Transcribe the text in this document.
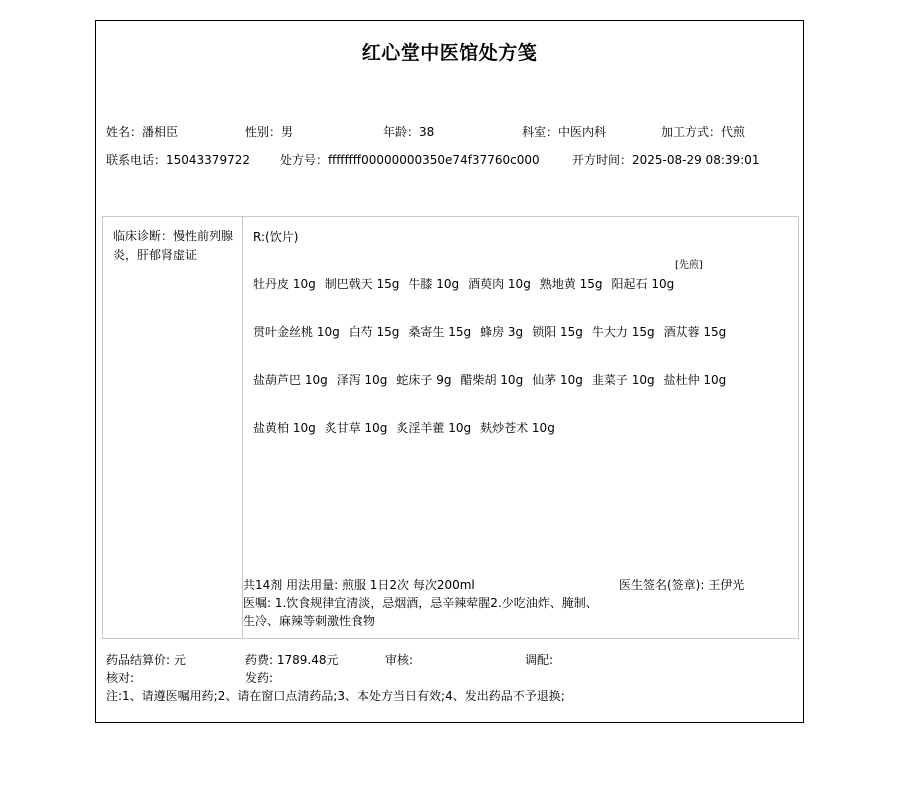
红心堂中医馆处方笺
姓名：潘相臣	性别：男	年龄：38	科室：中医内科	加工方式：代煎
联系电话：15043379722	处方号：ffffffff00000000350e74f37760c000	开方时间：2025-08-29 08:39:01
临床诊断：慢性前列腺炎，肝郁肾虚证
R:(饮片)
[先煎]
牡丹皮 10g 制巴戟天 15g 牛膝 10g 酒萸肉 10g 熟地黄 15g 阳起石 10g
贯叶金丝桃 10g 白芍 15g 桑寄生 15g 蜂房 3g 锁阳 15g 牛大力 15g 酒苁蓉 15g
盐葫芦巴 10g 泽泻 10g 蛇床子 9g 醋柴胡 10g 仙茅 10g 韭菜子 10g 盐杜仲 10g
盐黄柏 10g 炙甘草 10g 炙淫羊藿 10g 麸炒苍术 10g
共14剂 用法用量: 煎服 1日2次 每次200ml	医生签名(签章): 王伊光
医嘱: 1.饮食规律宜清淡，忌烟酒，忌辛辣荤腥2.少吃油炸、腌制、生冷、麻辣等刺激性食物
药品结算价: 元	药费: 1789.48元	审核:	调配:
核对:	发药:
注:1、请遵医嘱用药;2、请在窗口点清药品;3、本处方当日有效;4、发出药品不予退换;
